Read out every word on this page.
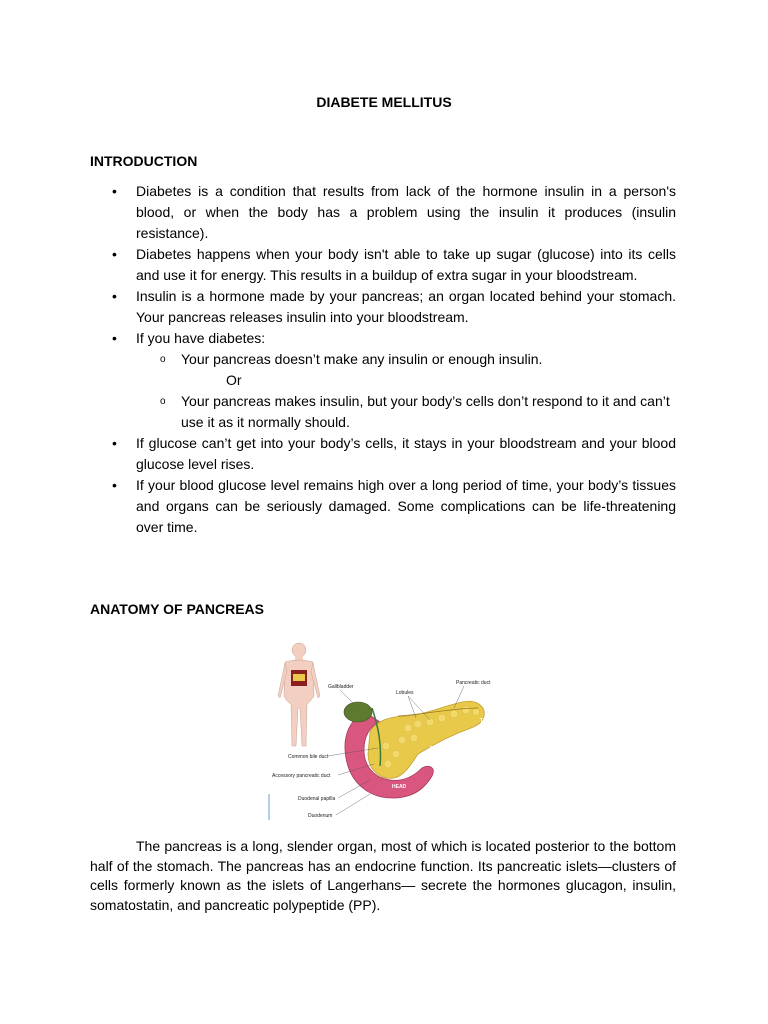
DIABETE MELLITUS
INTRODUCTION
• Diabetes is a condition that results from lack of the hormone insulin in a person's blood, or when the body has a problem using the insulin it produces (insulin resistance).
• Diabetes happens when your body isn't able to take up sugar (glucose) into its cells and use it for energy. This results in a buildup of extra sugar in your bloodstream.
• Insulin is a hormone made by your pancreas; an organ located behind your stomach. Your pancreas releases insulin into your bloodstream.
• If you have diabetes:
o Your pancreas doesn’t make any insulin or enough insulin.
Or
o Your pancreas makes insulin, but your body’s cells don’t respond to it and can’t use it as it normally should.
• If glucose can’t get into your body’s cells, it stays in your bloodstream and your blood glucose level rises.
• If your blood glucose level remains high over a long period of time, your body’s tissues and organs can be seriously damaged. Some complications can be life-threatening over time.
ANATOMY OF PANCREAS
Gallbladder
Lobules
Pancreatic duct
TAIL
BODY
Common bile duct
Accessory pancreatic duct
HEAD
Duodenal papilla
Duodenum

The pancreas is a long, slender organ, most of which is located posterior to the bottom half of the stomach. The pancreas has an endocrine function. Its pancreatic islets—clusters of cells formerly known as the islets of Langerhans— secrete the hormones glucagon, insulin, somatostatin, and pancreatic polypeptide (PP).
